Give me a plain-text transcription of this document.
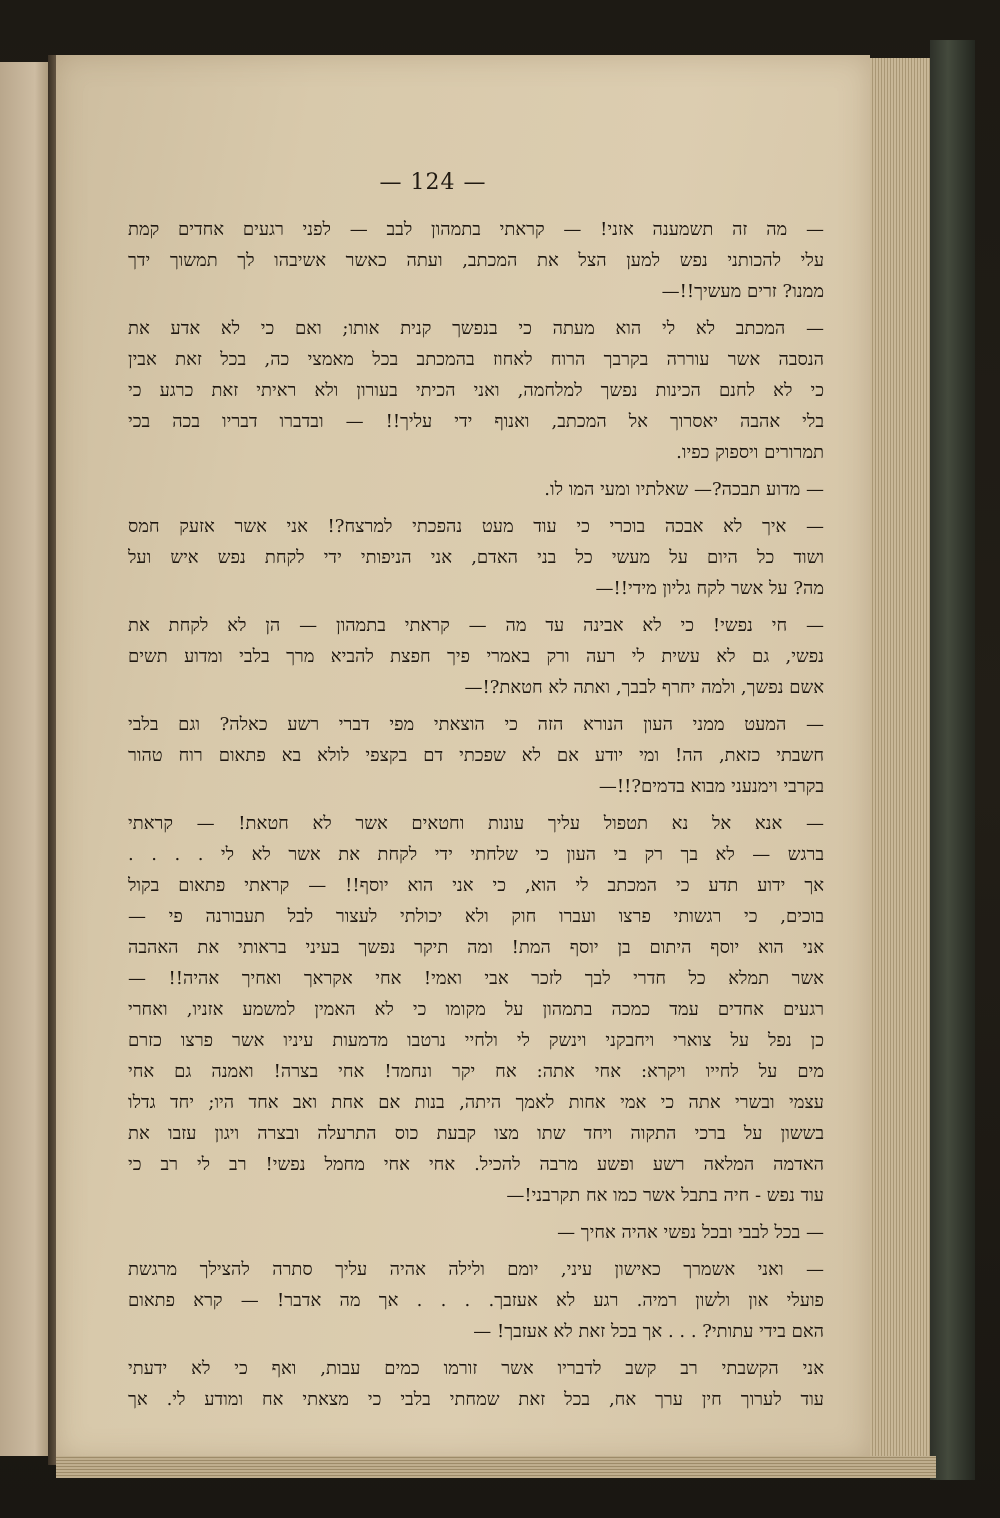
— 124 —
— מה זה תשמענה אזני! — קראתי בתמהון לבב — לפני רגעים אחדים קמת
עלי להכותני נפש למען הצל את המכתב, ועתה כאשר אשיבהו לך תמשוך ידך
ממנו? זרים מעשיך!!—
— המכתב לא לי הוא מעתה כי בנפשך קנית אותו; ואם כי לא אדע את
הנסבה אשר עוררה בקרבך הרוח לאחוז בהמכתב בכל מאמצי כה, בכל זאת אבין
כי לא לחנם הכינות נפשך למלחמה, ואני הכיתי בעורון ולא ראיתי זאת כרגע כי
בלי אהבה יאסרוך אל המכתב, ואנוף ידי עליך!! — ובדברו דבריו בכה בכי
תמרורים ויספוק כפיו.
— מדוע תבכה?— שאלתיו ומעי המו לו.
— איך לא אבכה בוכרי כי עוד מעט נהפכתי למרצח?! אני אשר אזעק חמס
ושוד כל היום על מעשי כל בני האדם, אני הניפותי ידי לקחת נפש איש ועל
מה? על אשר לקח גליון מידי!!—
— חי נפשי! כי לא אבינה עד מה — קראתי בתמהון — הן לא לקחת את
נפשי, גם לא עשית לי רעה ורק באמרי פיך חפצת להביא מרך בלבי ומדוע תשים
אשם נפשך, ולמה יחרף לבבך, ואתה לא חטאת?!—
— המעט ממני העון הנורא הזה כי הוצאתי מפי דברי רשע כאלה? וגם בלבי
חשבתי כזאת, הה! ומי יודע אם לא שפכתי דם בקצפי לולא בא פתאום רוח טהור
בקרבי וימנעני מבוא בדמים?!!—
— אנא אל נא תטפול עליך עונות וחטאים אשר לא חטאת! — קראתי
ברגש — לא בך רק בי העון כי שלחתי ידי לקחת את אשר לא לי . . . .
אך ידוע תדע כי המכתב לי הוא, כי אני הוא יוסף!! — קראתי פתאום בקול
בוכים, כי רגשותי פרצו ועברו חוק ולא יכולתי לעצור לבל תעבורנה פי —
אני הוא יוסף היתום בן יוסף המת! ומה תיקר נפשך בעיני בראותי את האהבה
אשר תמלא כל חדרי לבך לזכר אבי ואמי! אחי אקראך ואחיך אהיה!! —
רגעים אחדים עמד כמכה בתמהון על מקומו כי לא האמין למשמע אזניו, ואחרי
כן נפל על צוארי ויחבקני וינשק לי ולחיי נרטבו מדמעות עיניו אשר פרצו כזרם
מים על לחייו ויקרא: אחי אתה: אח יקר ונחמד! אחי בצרה! ואמנה גם אחי
עצמי ובשרי אתה כי אמי אחות לאמך היתה, בנות אם אחת ואב אחד היו; יחד גדלו
בששון על ברכי התקוה ויחד שתו מצו קבעת כוס התרעלה ובצרה ויגון עזבו את
האדמה המלאה רשע ופשע מרבה להכיל. אחי אחי מחמל נפשי! רב לי רב כי
עוד נפש - חיה בתבל אשר כמו אח תקרבני!—
— בכל לבבי ובכל נפשי אהיה אחיך —
— ואני אשמרך כאישון עיני, יומם ולילה אהיה עליך סתרה להצילך מרגשת
פועלי און ולשון רמיה. רגע לא אעזבך. . . . אך מה אדבר! — קרא פתאום
האם בידי עתותי? . . . אך בכל זאת לא אעזבך! —
אני הקשבתי רב קשב לדבריו אשר זורמו כמים עבות, ואף כי לא ידעתי
עוד לערוך חין ערך אח, בכל זאת שמחתי בלבי כי מצאתי אח ומודע לי. אך
